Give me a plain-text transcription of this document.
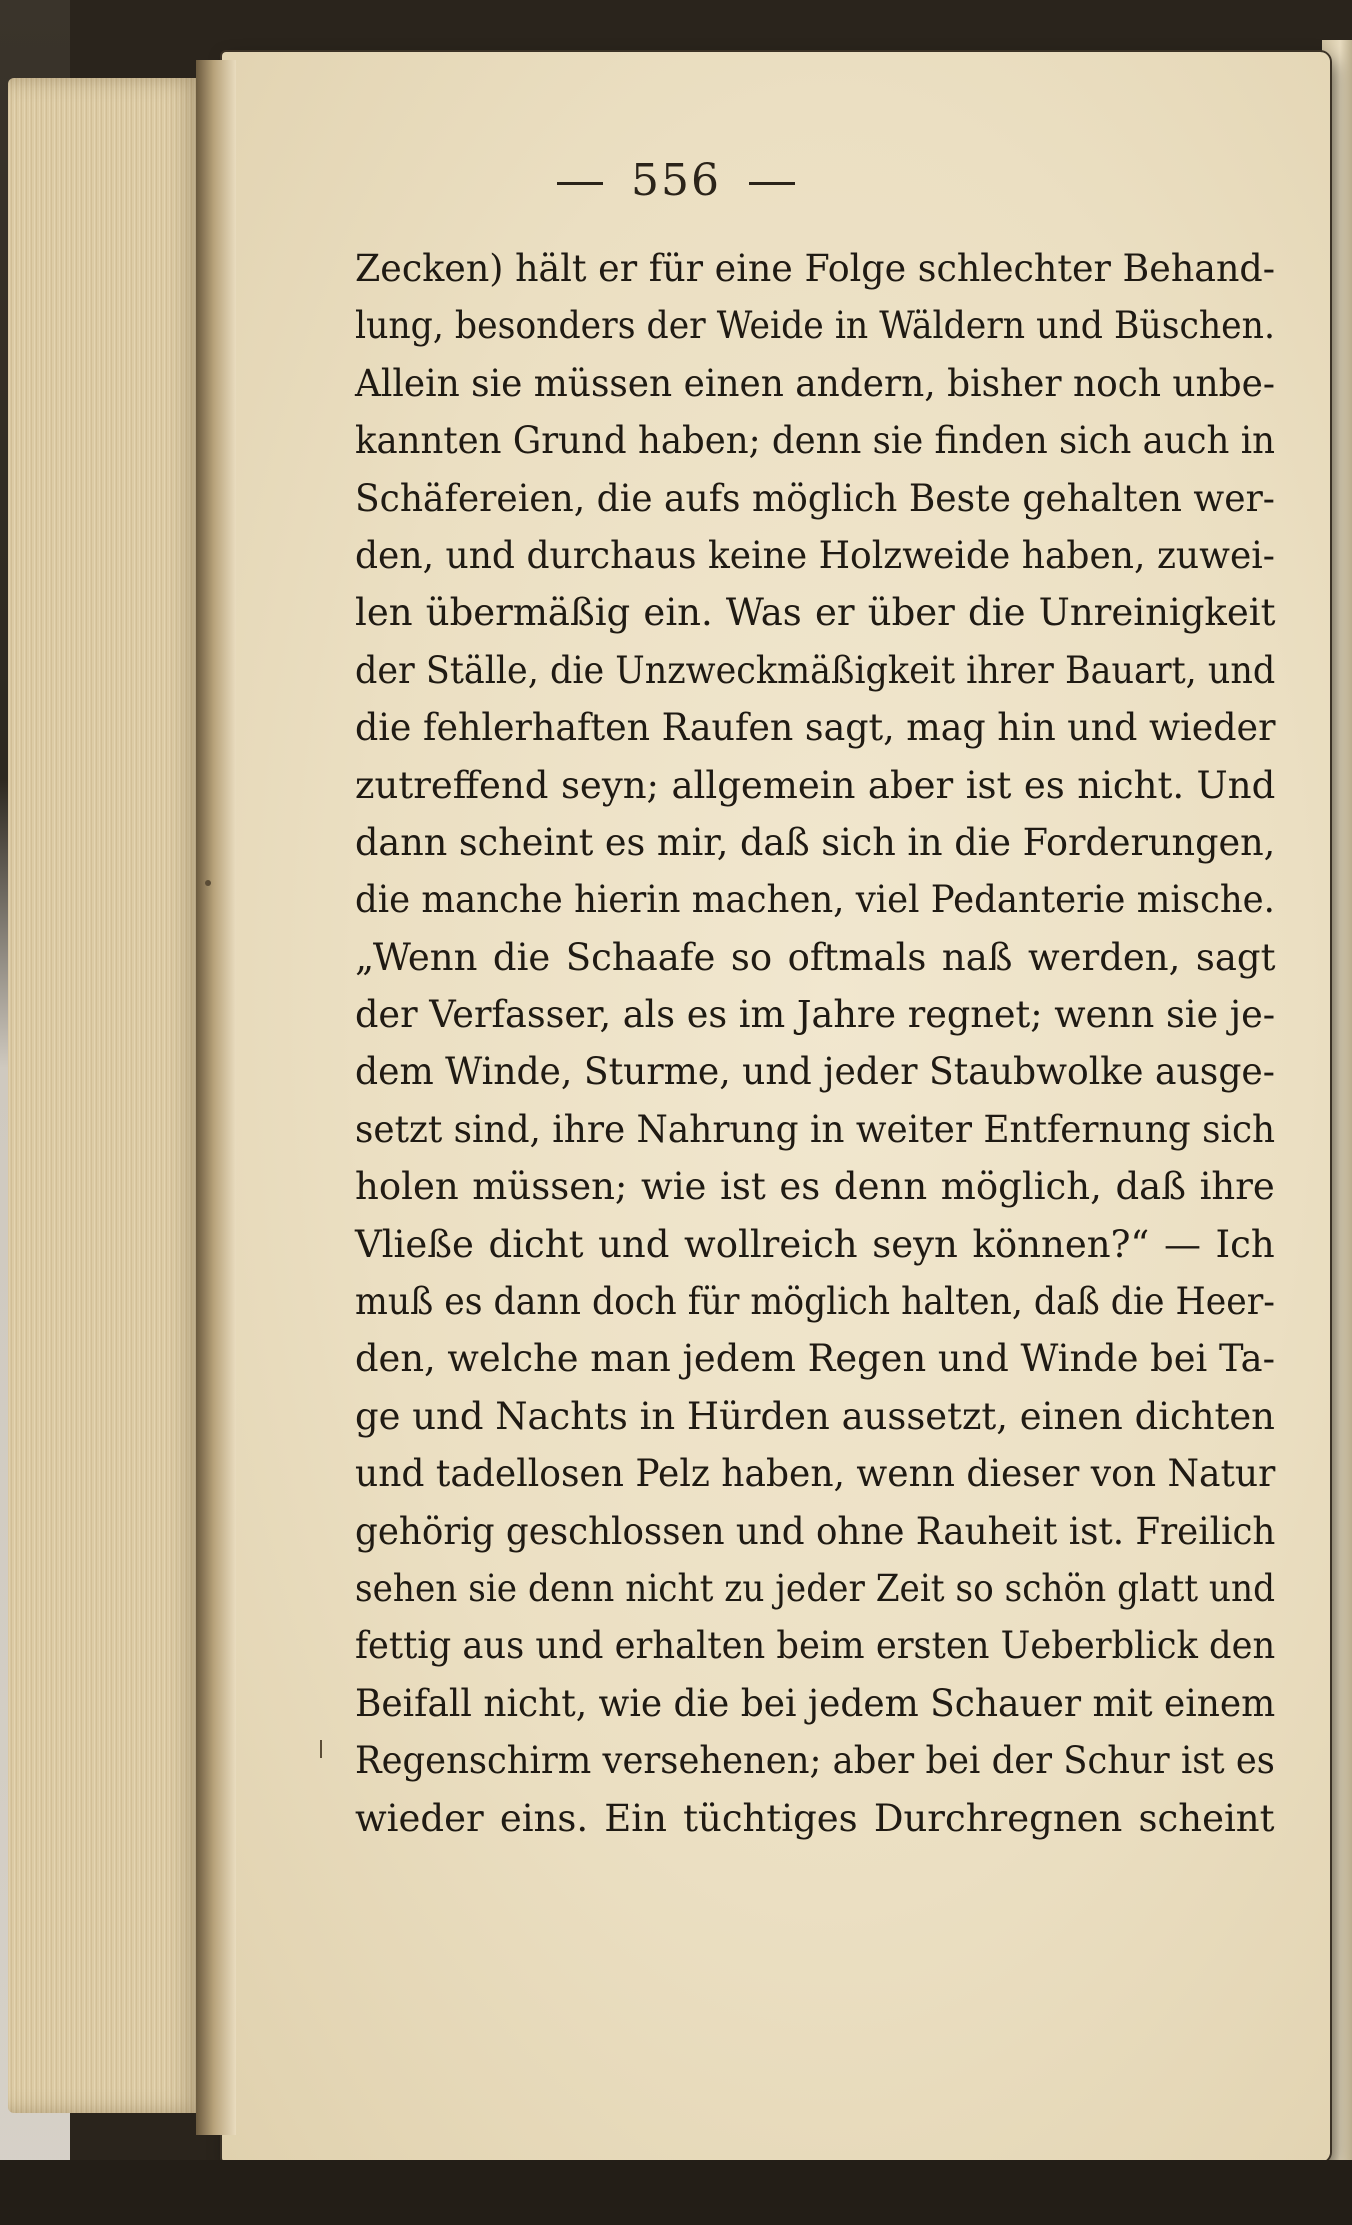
556
Zecken) hält er für eine Folge schlechter Behand-
lung, besonders der Weide in Wäldern und Büschen.
Allein sie müssen einen andern, bisher noch unbe-
kannten Grund haben; denn sie finden sich auch in
Schäfereien, die aufs möglich Beste gehalten wer-
den, und durchaus keine Holzweide haben, zuwei-
len übermäßig ein. Was er über die Unreinigkeit
der Ställe, die Unzweckmäßigkeit ihrer Bauart, und
die fehlerhaften Raufen sagt, mag hin und wieder
zutreffend seyn; allgemein aber ist es nicht. Und
dann scheint es mir, daß sich in die Forderungen,
die manche hierin machen, viel Pedanterie mische.
„Wenn die Schaafe so oftmals naß werden, sagt
der Verfasser, als es im Jahre regnet; wenn sie je-
dem Winde, Sturme, und jeder Staubwolke ausge-
setzt sind, ihre Nahrung in weiter Entfernung sich
holen müssen; wie ist es denn möglich, daß ihre
Vließe dicht und wollreich seyn können?“ — Ich
muß es dann doch für möglich halten, daß die Heer-
den, welche man jedem Regen und Winde bei Ta-
ge und Nachts in Hürden aussetzt, einen dichten
und tadellosen Pelz haben, wenn dieser von Natur
gehörig geschlossen und ohne Rauheit ist. Freilich
sehen sie denn nicht zu jeder Zeit so schön glatt und
fettig aus und erhalten beim ersten Ueberblick den
Beifall nicht, wie die bei jedem Schauer mit einem
Regenschirm versehenen; aber bei der Schur ist es
wieder eins. Ein tüchtiges Durchregnen scheint
